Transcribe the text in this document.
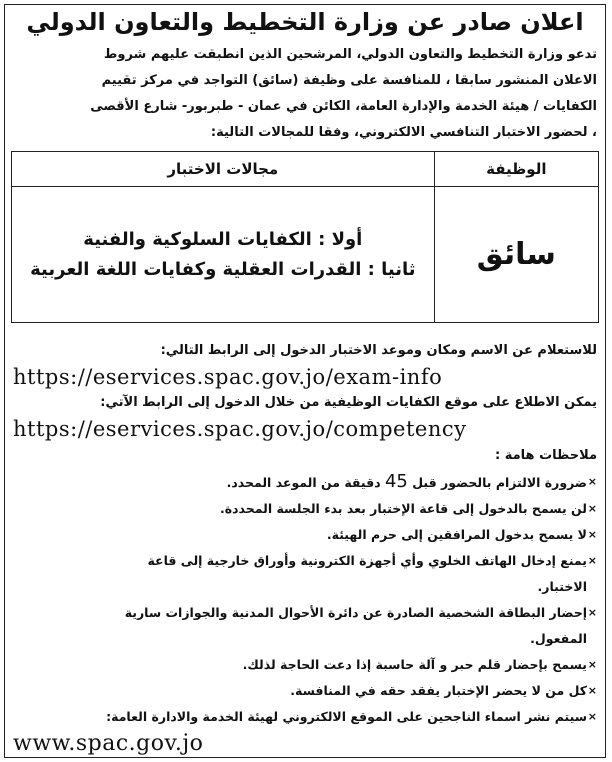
اعلان صادر عن وزارة التخطيط والتعاون الدولي

تدعو وزارة التخطيط والتعاون الدولي، المرشحين الذين انطبقت عليهم شروط

الاعلان المنشور سابقا ، للمنافسة على وظيفة (سائق) التواجد في مركز تقييم

الكفايات / هيئة الخدمة والإدارة العامة، الكائن في عمان - طبربور- شارع الأقصى

، لحضور الاختبار التنافسي الالكتروني، وفقا للمجالات التالية:

الوظيفة	مجالات الاختبار
سائق	أولا : الكفايات السلوكية والفنية
ثانيا : القدرات العقلية وكفايات اللغة العربية
للاستعلام عن الاسم ومكان وموعد الاختبار الدخول إلى الرابط التالي:
https://eservices.spac.gov.jo/exam-info
يمكن الاطلاع على موقع الكفايات الوظيفية من خلال الدخول إلى الرابط الآتي:
https://eservices.spac.gov.jo/competency
ملاحظات هامة :
×
ضرورة الالتزام بالحضور قبل 45 دقيقة من الموعد المحدد.
×
لن يسمح بالدخول إلى قاعة الإختبار بعد بدء الجلسة المحددة.
×
لا يسمح بدخول المرافقين إلى حرم الهيئة.
×
يمنع إدخال الهاتف الخلوي وأي أجهزة الكترونية وأوراق خارجية إلى قاعة
الاختبار.
×
إحضار البطاقة الشخصية الصادرة عن دائرة الأحوال المدنية والجوازات سارية
المفعول.
×
يسمح بإحضار قلم حبر و آلة حاسبة إذا دعت الحاجة لذلك.
×
كل من لا يحضر الإختبار يفقد حقه في المنافسة.
×
سيتم نشر اسماء الناجحين على الموقع الالكتروني لهيئة الخدمة والادارة العامة:
www.spac.gov.jo
